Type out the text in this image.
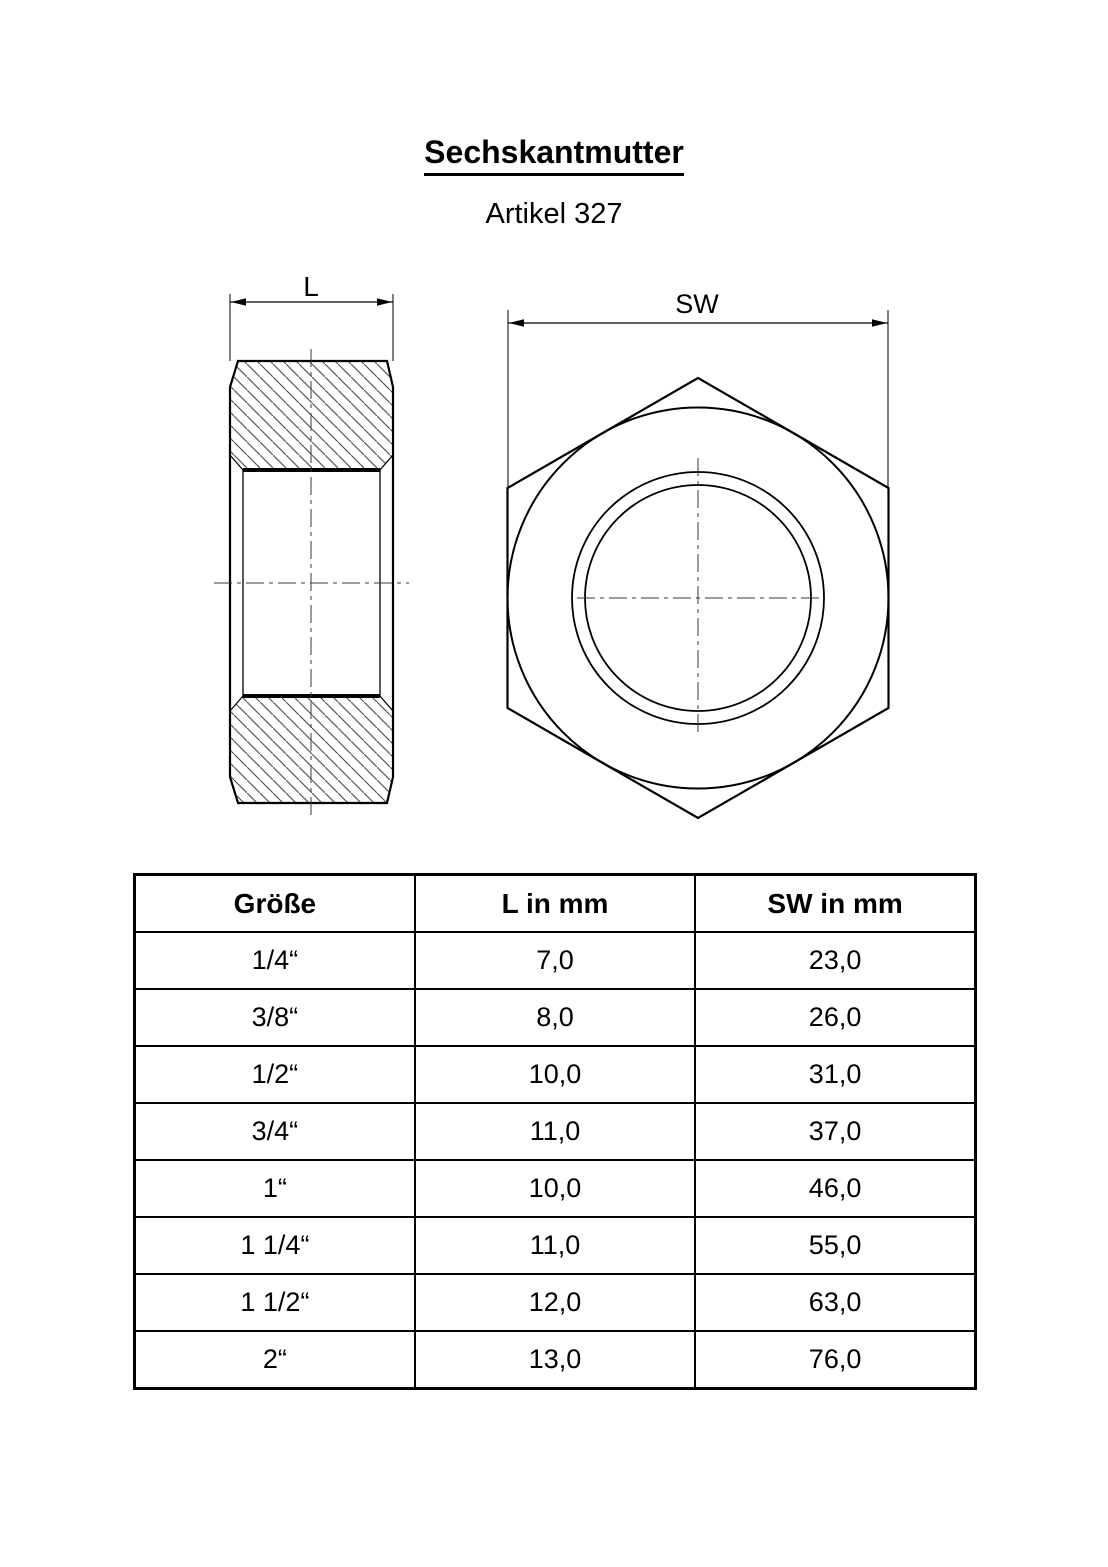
Sechskantmutter
Artikel 327
L
SW
Größe	L in mm	SW in mm
1/4“	7,0	23,0
3/8“	8,0	26,0
1/2“	10,0	31,0
3/4“	11,0	37,0
1“	10,0	46,0
1 1/4“	11,0	55,0
1 1/2“	12,0	63,0
2“	13,0	76,0
